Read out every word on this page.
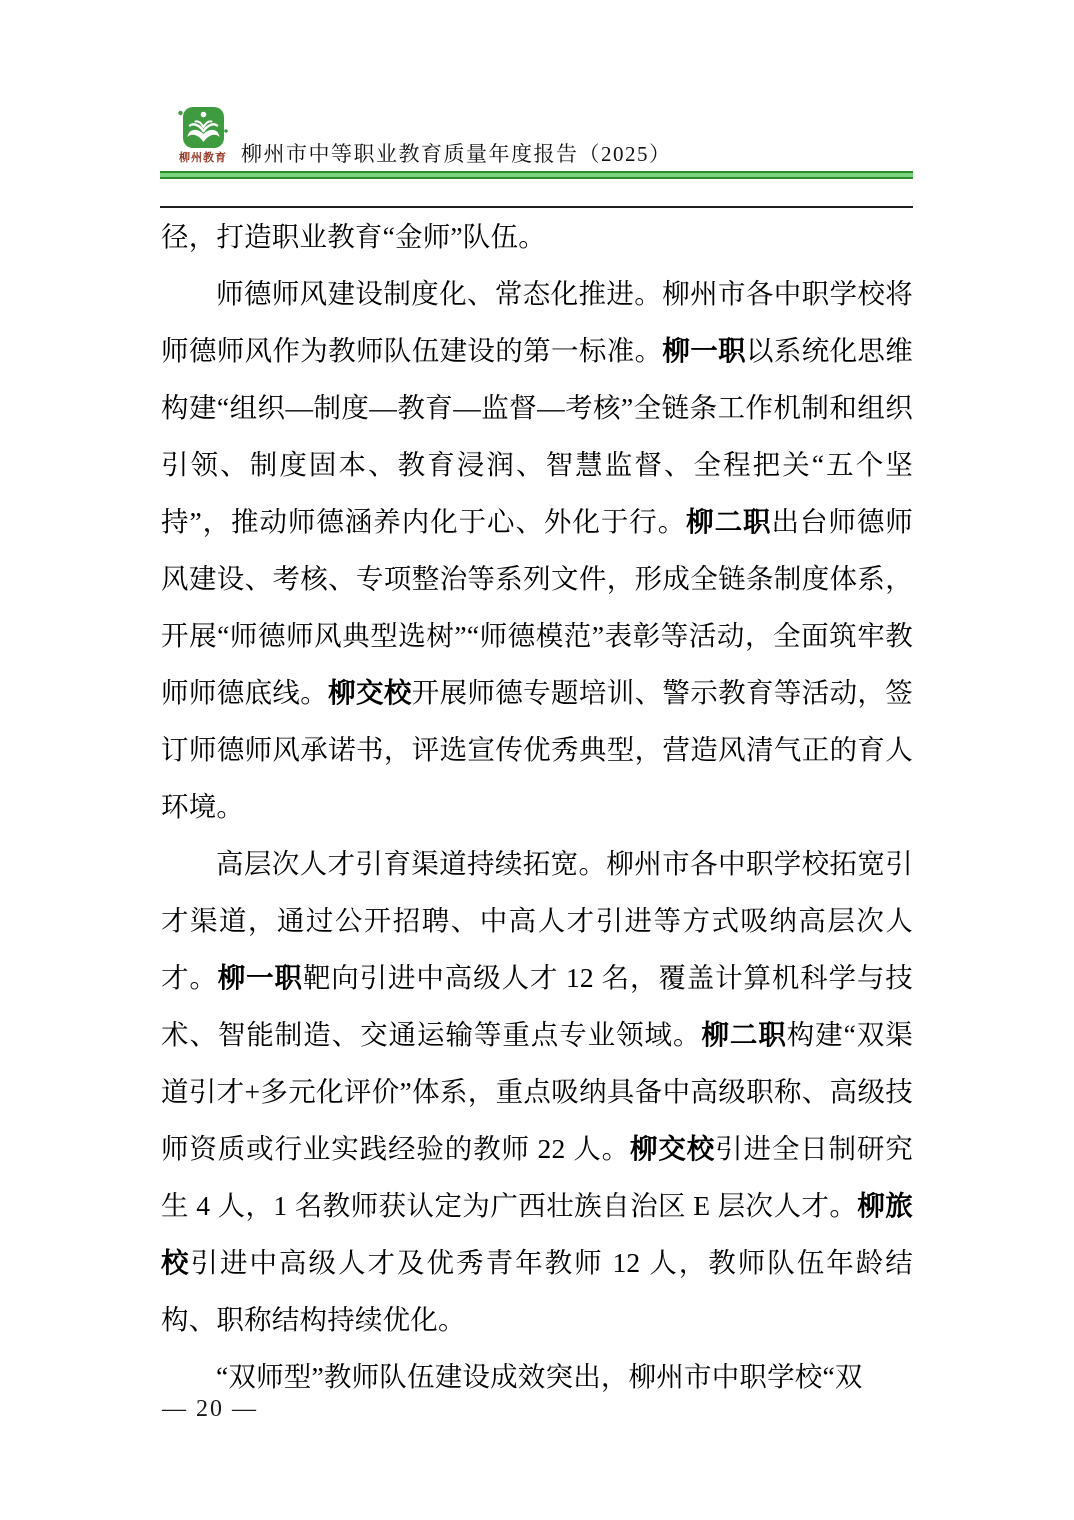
柳州教育 柳州市中等职业教育质量年度报告（2025）

径，打造职业教育“金师”队伍。

师德师风建设制度化、常态化推进。柳州市各中职学校将师德师风作为教师队伍建设的第一标准。柳一职以系统化思维构建“组织—制度—教育—监督—考核”全链条工作机制和组织引领、制度固本、教育浸润、智慧监督、全程把关“五个坚持”，推动师德涵养内化于心、外化于行。柳二职出台师德师风建设、考核、专项整治等系列文件，形成全链条制度体系，开展“师德师风典型选树”“师德模范”表彰等活动，全面筑牢教师师德底线。柳交校开展师德专题培训、警示教育等活动，签订师德师风承诺书，评选宣传优秀典型，营造风清气正的育人环境。

高层次人才引育渠道持续拓宽。柳州市各中职学校拓宽引才渠道，通过公开招聘、中高人才引进等方式吸纳高层次人才。柳一职靶向引进中高级人才 12 名，覆盖计算机科学与技术、智能制造、交通运输等重点专业领域。柳二职构建“双渠道引才+多元化评价”体系，重点吸纳具备中高级职称、高级技师资质或行业实践经验的教师 22 人。柳交校引进全日制研究生 4 人，1 名教师获认定为广西壮族自治区 E 层次人才。柳旅校引进中高级人才及优秀青年教师 12 人，教师队伍年龄结构、职称结构持续优化。

“双师型”教师队伍建设成效突出，柳州市中职学校“双

— 20 —
